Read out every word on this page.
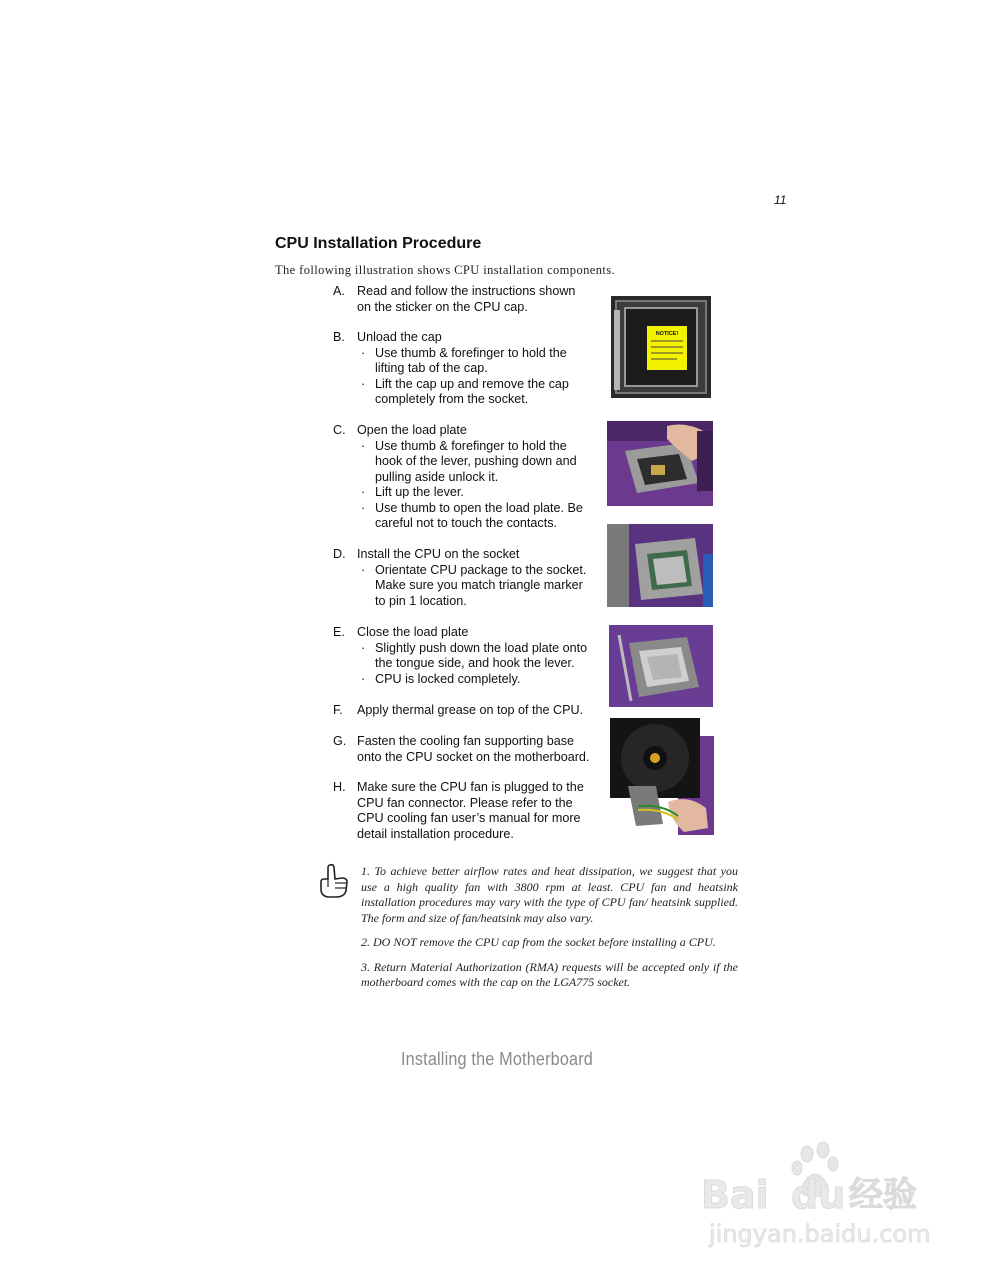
11
CPU Installation Procedure
The following illustration shows CPU installation components.
A. Read and follow the instructions shown
on the sticker on the CPU cap.
B. Unload the cap
· Use thumb & forefinger to hold the
lifting tab of the cap.
· Lift the cap up and remove the cap
completely from the socket.
C. Open the load plate
· Use thumb & forefinger to hold the
hook of the lever, pushing down and
pulling aside unlock it.
· Lift up the lever.
· Use thumb to open the load plate. Be
careful not to touch the contacts.
D. Install the CPU on the socket
· Orientate CPU package to the socket.
Make sure you match triangle marker
to pin 1 location.
E. Close the load plate
· Slightly push down the load plate onto
the tongue side, and hook the lever.
· CPU is locked completely.
F.	Apply thermal grease on top of the CPU.
G. Fasten the cooling fan supporting base
onto the CPU socket on the motherboard.
H. Make sure the CPU fan is plugged to the
CPU fan connector. Please refer to the
CPU cooling fan user’s manual for more
detail installation procedure.
NOTICE!

1. To achieve better airflow rates and heat dissipation, we suggest that you use a high quality fan with 3800 rpm at least. CPU fan and heatsink installation procedures may vary with the type of CPU fan/ heatsink supplied. The form and size of fan/heatsink may also vary.

2. DO NOT remove the CPU cap from the socket before installing a CPU.

3. Return Material Authorization (RMA) requests will be accepted only if the motherboard comes with the cap on the LGA775 socket.

Installing the Motherboard
Bai du 经验
jingyan.baidu.com
